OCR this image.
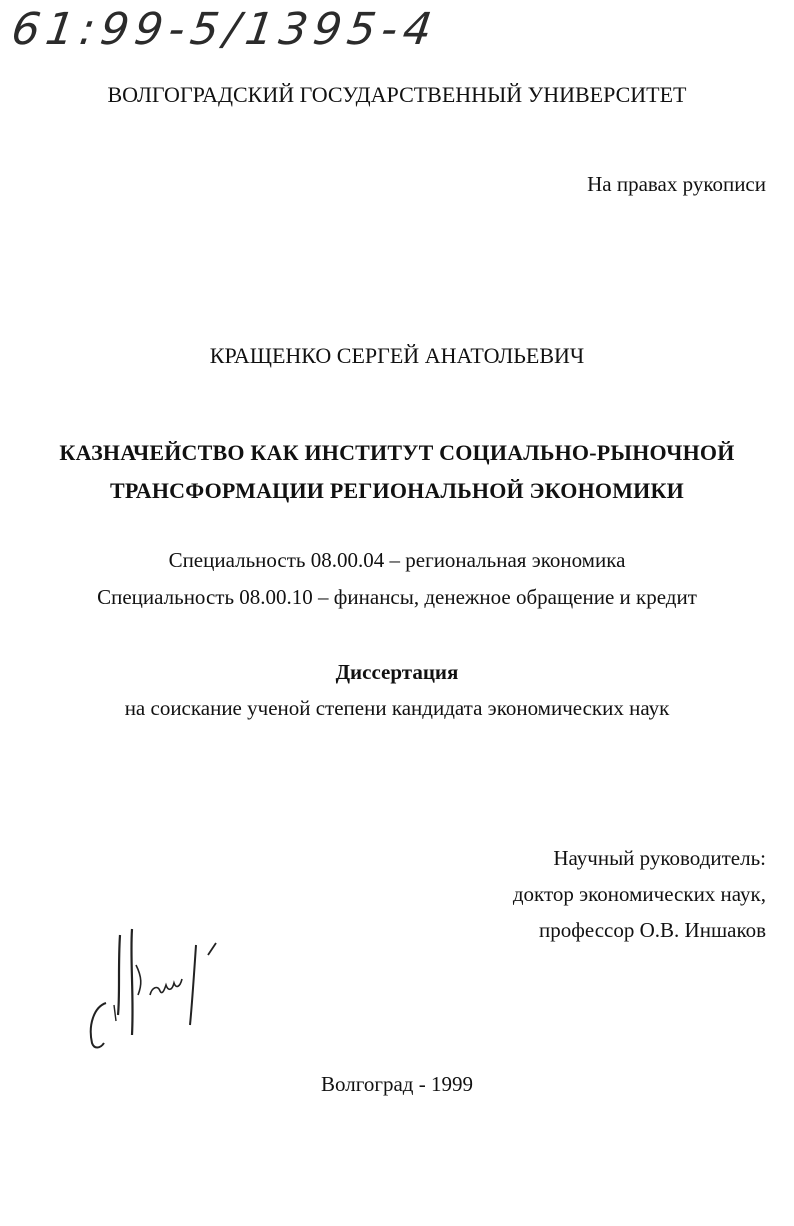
61:99-5/1395-4
ВОЛГОГРАДСКИЙ ГОСУДАРСТВЕННЫЙ УНИВЕРСИТЕТ
На правах рукописи
КРАЩЕНКО СЕРГЕЙ АНАТОЛЬЕВИЧ
КАЗНАЧЕЙСТВО КАК ИНСТИТУТ СОЦИАЛЬНО-РЫНОЧНОЙ
ТРАНСФОРМАЦИИ РЕГИОНАЛЬНОЙ ЭКОНОМИКИ
Специальность 08.00.04 – региональная экономика
Специальность 08.00.10 – финансы, денежное обращение и кредит
Диссертация
на соискание ученой степени кандидата экономических наук
Научный руководитель:
доктор экономических наук,
профессор О.В. Иншаков
Волгоград - 1999
